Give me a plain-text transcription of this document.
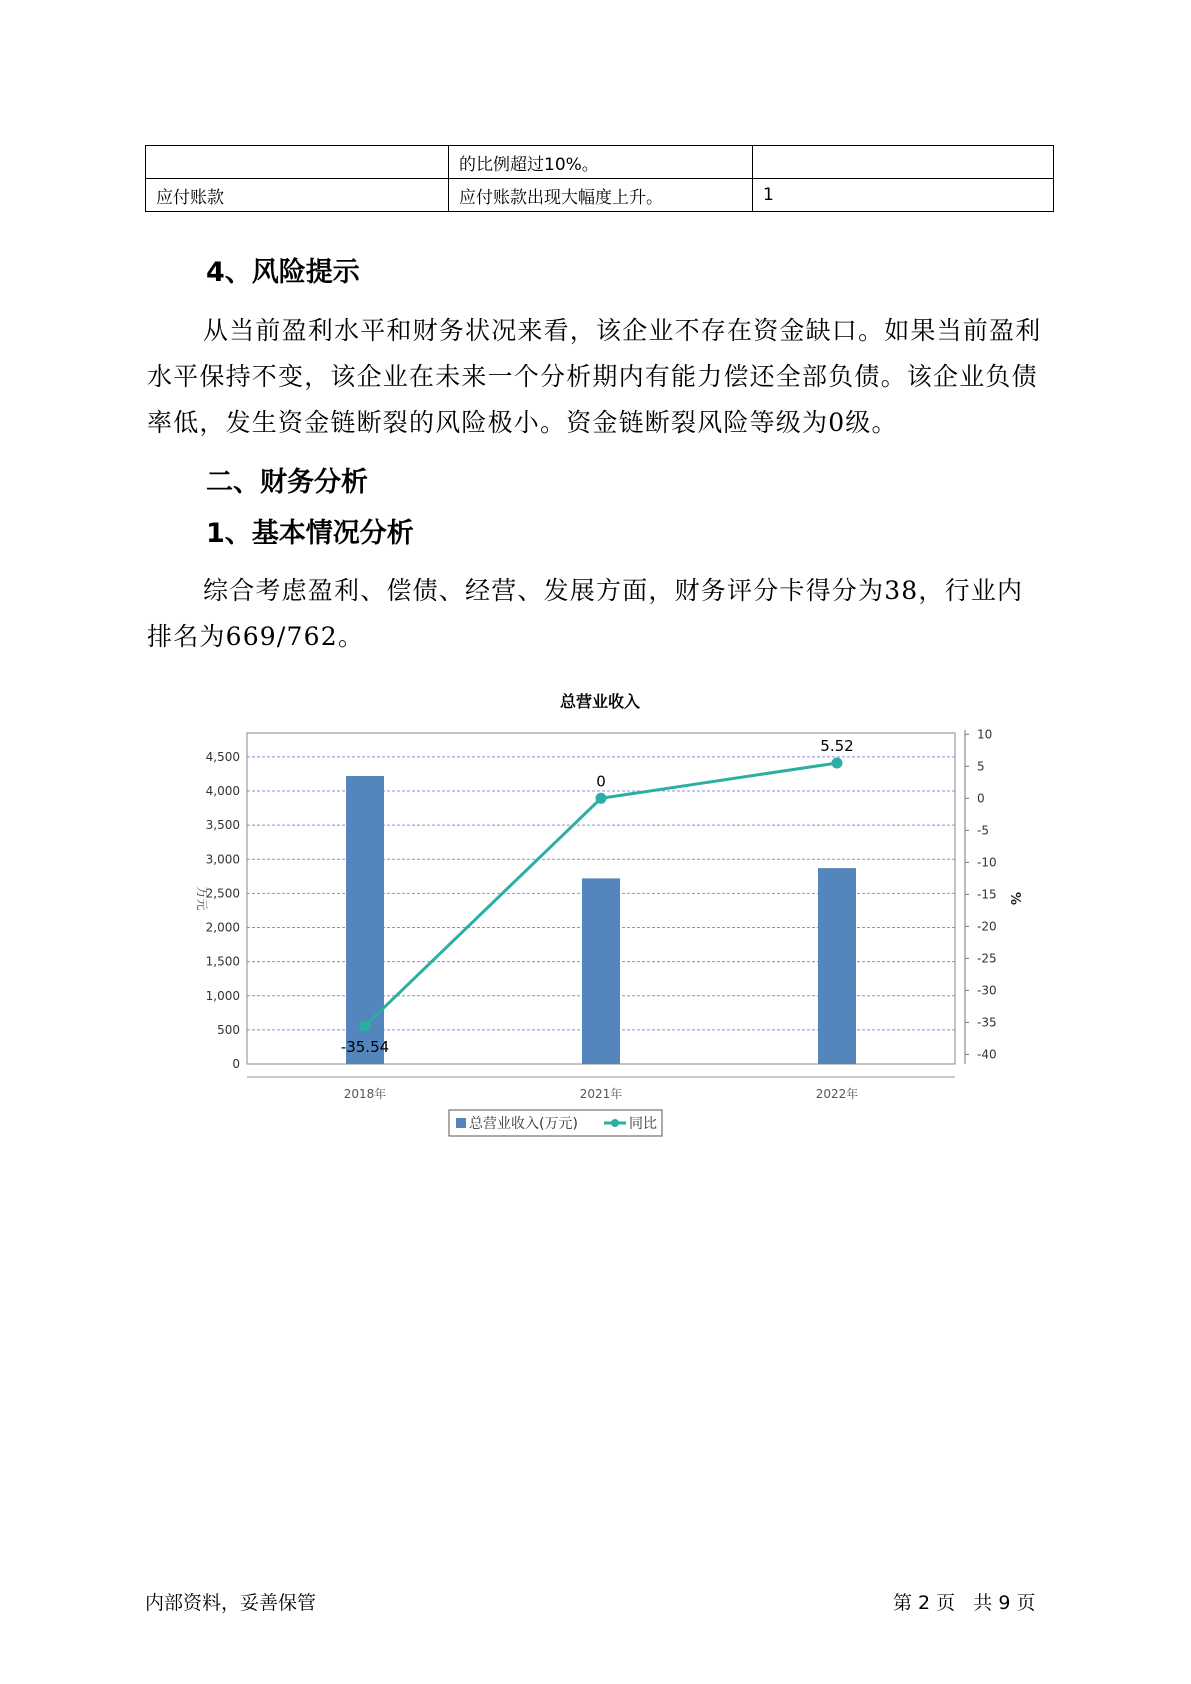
	的比例超过10%。	
应付账款	应付账款出现大幅度上升。	1
4、风险提示
从当前盈利水平和财务状况来看，该企业不存在资金缺口。如果当前盈利水平保持不变，该企业在未来一个分析期内有能力偿还全部负债。该企业负债率低，发生资金链断裂的风险极小。资金链断裂风险等级为0级。
二、财务分析
1、基本情况分析
综合考虑盈利、偿债、经营、发展方面，财务评分卡得分为38，行业内排名为669/762。
总营业收入
0
500
1,000
1,500
2,000
2,500
3,000
3,500
4,000
4,500
-40
-35
-30
-25
-20
-15
-10
-5
0
5
10
万元	%
2018年	2021年	2022年
-35.54
0
5.52
总营业收入(万元)	同比
内部资料，妥善保管	第 2 页   共 9 页
